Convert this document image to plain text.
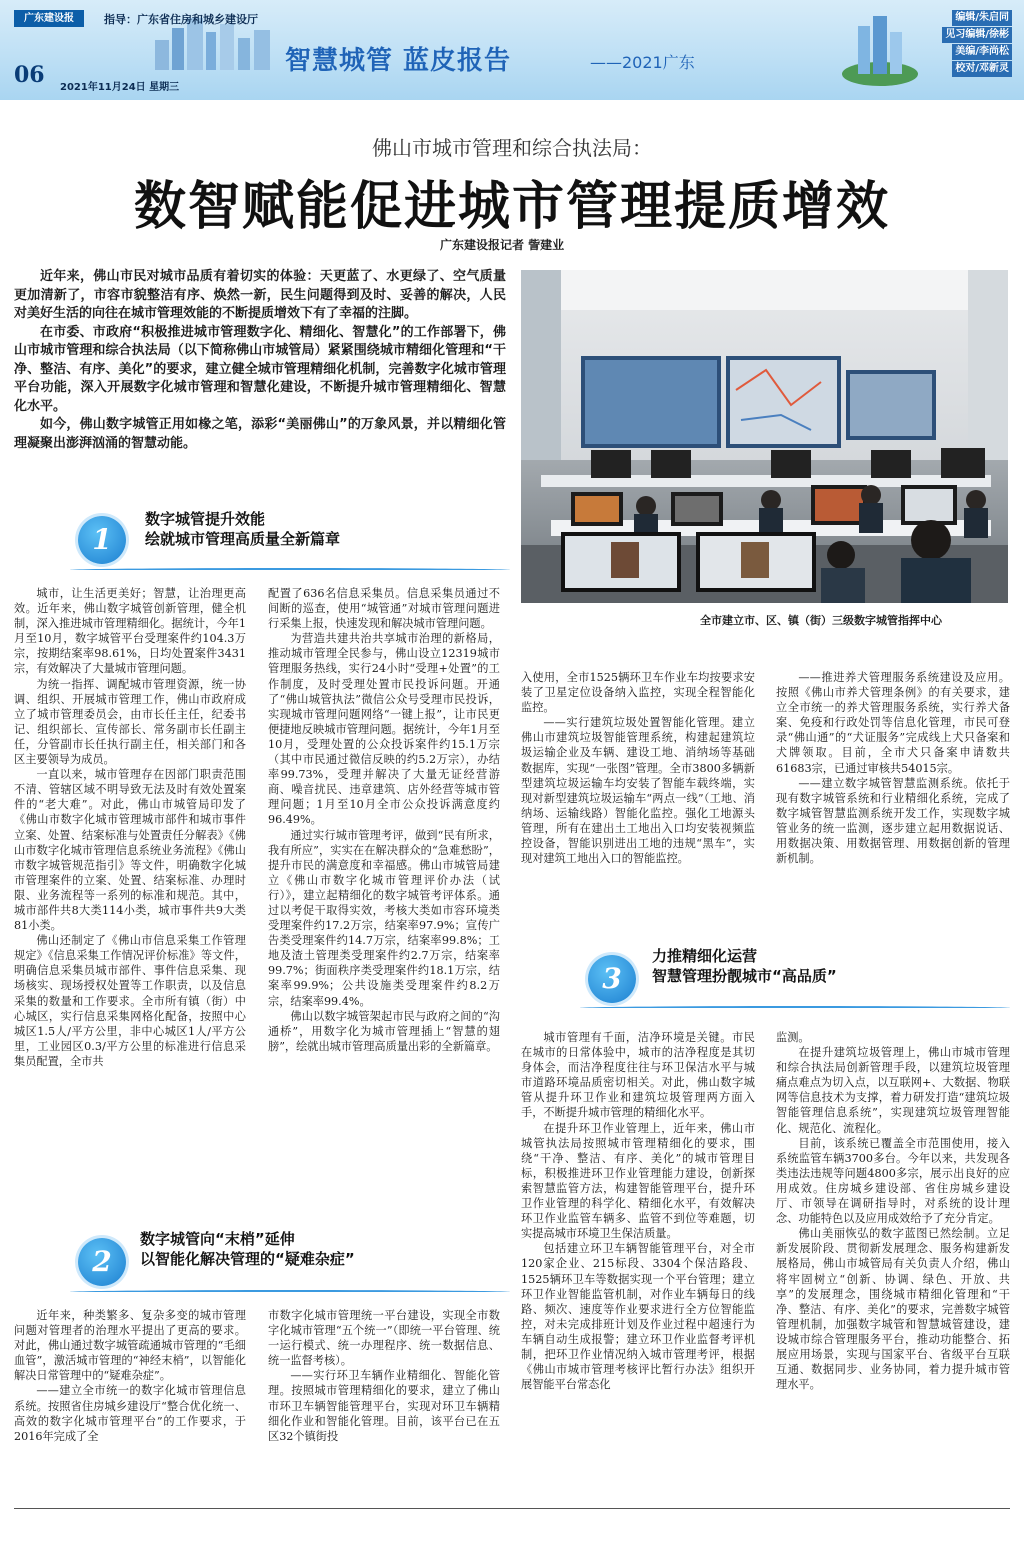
广东建设报	指导：广东省住房和城乡建设厅
06 2021年11月24日 星期三
智慧城管 蓝皮报告	——2021广东
编辑/朱启同
见习编辑/徐彬
美编/李尚松
校对/邓新灵
佛山市城市管理和综合执法局：
数智赋能促进城市管理提质增效
广东建设报记者 訾建业

近年来，佛山市民对城市品质有着切实的体验：天更蓝了、水更绿了、空气质量更加清新了，市容市貌整洁有序、焕然一新，民生问题得到及时、妥善的解决，人民对美好生活的向往在城市管理效能的不断提质增效下有了幸福的注脚。

在市委、市政府“积极推进城市管理数字化、精细化、智慧化”的工作部署下，佛山市城市管理和综合执法局（以下简称佛山市城管局）紧紧围绕城市精细化管理和“干净、整洁、有序、美化”的要求，建立健全城市管理精细化机制，完善数字化城市管理平台功能，深入开展数字化城市管理和智慧化建设，不断提升城市管理精细化、智慧化水平。

如今，佛山数字城管正用如椽之笔，添彩“美丽佛山”的万象风景，并以精细化管理凝聚出澎湃汹涌的智慧动能。

全市建立市、区、镇（街）三级数字城管指挥中心
1
数字城管提升效能
绘就城市管理高质量全新篇章

城市，让生活更美好；智慧，让治理更高效。近年来，佛山数字城管创新管理，健全机制，深入推进城市管理精细化。据统计，今年1月至10月，数字城管平台受理案件约104.3万宗，按期结案率98.61%，日均处置案件3431宗，有效解决了大量城市管理问题。

为统一指挥、调配城市管理资源，统一协调、组织、开展城市管理工作，佛山市政府成立了城市管理委员会，由市长任主任，纪委书记、组织部长、宣传部长、常务副市长任副主任，分管副市长任执行副主任，相关部门和各区主要领导为成员。

一直以来，城市管理存在因部门职责范围不清、管辖区域不明导致无法及时有效处置案件的“老大难”。对此，佛山市城管局印发了《佛山市数字化城市管理城市部件和城市事件立案、处置、结案标准与处置责任分解表》《佛山市数字化城市管理信息系统业务流程》《佛山市数字城管规范指引》等文件，明确数字化城市管理案件的立案、处置、结案标准、办理时限、业务流程等一系列的标准和规范。其中，城市部件共8大类114小类，城市事件共9大类81小类。

佛山还制定了《佛山市信息采集工作管理规定》《信息采集工作情况评价标准》等文件，明确信息采集员城市部件、事件信息采集、现场核实、现场授权处置等工作职责，以及信息采集的数量和工作要求。全市所有镇（街）中心城区，实行信息采集网格化配备，按照中心城区1.5人/平方公里，非中心城区1人/平方公里，工业园区0.3/平方公里的标准进行信息采集员配置，全市共

配置了636名信息采集员。信息采集员通过不间断的巡查，使用“城管通”对城市管理问题进行采集上报，快速发现和解决城市管理问题。

为营造共建共治共享城市治理的新格局，推动城市管理全民参与，佛山设立12319城市管理服务热线，实行24小时“受理+处置”的工作制度，及时受理处置市民投诉问题。开通了“佛山城管执法”微信公众号受理市民投诉，实现城市管理问题网络“一键上报”，让市民更便捷地反映城市管理问题。据统计，今年1月至10月，受理处置的公众投诉案件约15.1万宗（其中市民通过微信反映的约5.2万宗），办结率99.73%，受理并解决了大量无证经营游商、噪音扰民、违章建筑、店外经营等城市管理问题；1月至10月全市公众投诉满意度约96.49%。

通过实行城市管理考评，做到“民有所求，我有所应”，实实在在解决群众的“急难愁盼”，提升市民的满意度和幸福感。佛山市城管局建立《佛山市数字化城市管理评价办法（试行）》，建立起精细化的数字城管考评体系。通过以考促干取得实效，考核大类如市容环境类受理案件约17.2万宗，结案率97.9%；宣传广告类受理案件约14.7万宗，结案率99.8%；工地及渣土管理类受理案件约2.7万宗，结案率99.7%；街面秩序类受理案件约18.1万宗，结案率99.9%；公共设施类受理案件约8.2万宗，结案率99.4%。

佛山以数字城管架起市民与政府之间的“沟通桥”，用数字化为城市管理插上“智慧的翅膀”，绘就出城市管理高质量出彩的全新篇章。

2
数字城管向“末梢”延伸
以智能化解决管理的“疑难杂症”

近年来，种类繁多、复杂多变的城市管理问题对管理者的治理水平提出了更高的要求。对此，佛山通过数字城管疏通城市管理的“毛细血管”，激活城市管理的“神经末梢”，以智能化解决日常管理中的“疑难杂症”。

——建立全市统一的数字化城市管理信息系统。按照省住房城乡建设厅“整合优化统一、高效的数字化城市管理平台”的工作要求，于2016年完成了全

市数字化城市管理统一平台建设，实现全市数字化城市管理“五个统一”（即统一平台管理、统一运行模式、统一办理程序、统一数据信息、统一监督考核）。

——实行环卫车辆作业精细化、智能化管理。按照城市管理精细化的要求，建立了佛山市环卫车辆智能管理平台，实现对环卫车辆精细化作业和智能化管理。目前，该平台已在五区32个镇街投

入使用，全市1525辆环卫车作业车均按要求安装了卫星定位设备纳入监控，实现全程智能化监控。

——实行建筑垃圾处置智能化管理。建立佛山市建筑垃圾智能管理系统，构建起建筑垃圾运输企业及车辆、建设工地、消纳场等基础数据库，实现“一张图”管理。全市3800多辆新型建筑垃圾运输车均安装了智能车载终端，实现对新型建筑垃圾运输车“两点一线”（工地、消纳场、运输线路）智能化监控。强化工地源头管理，所有在建出土工地出入口均安装视频监控设备，智能识别进出工地的违规“黑车”，实现对建筑工地出入口的智能监控。

——推进养犬管理服务系统建设及应用。按照《佛山市养犬管理条例》的有关要求，建立全市统一的养犬管理服务系统，实行养犬备案、免疫和行政处罚等信息化管理，市民可登录“佛山通”的“犬证服务”完成线上犬只备案和犬牌领取。目前，全市犬只备案申请数共61683宗，已通过审核共54015宗。

——建立数字城管智慧监测系统。依托于现有数字城管系统和行业精细化系统，完成了数字城管智慧监测系统开发工作，实现数字城管业务的统一监测，逐步建立起用数据说话、用数据决策、用数据管理、用数据创新的管理新机制。

3
力推精细化运营
智慧管理扮靓城市“高品质”

城市管理有千面，洁净环境是关键。市民在城市的日常体验中，城市的洁净程度是其切身体会，而洁净程度往往与环卫保洁水平与城市道路环境品质密切相关。对此，佛山数字城管从提升环卫作业和建筑垃圾管理两方面入手，不断提升城市管理的精细化水平。

在提升环卫作业管理上，近年来，佛山市城管执法局按照城市管理精细化的要求，围绕“干净、整洁、有序、美化”的城市管理目标，积极推进环卫作业管理能力建设，创新探索智慧监管方法，构建智能管理平台，提升环卫作业管理的科学化、精细化水平，有效解决环卫作业监管车辆多、监管不到位等难题，切实提高城市环境卫生保洁质量。

包括建立环卫车辆智能管理平台，对全市120家企业、215标段、3304个保洁路段、1525辆环卫车等数据实现一个平台管理；建立环卫作业智能监管机制，对作业车辆每日的线路、频次、速度等作业要求进行全方位智能监控，对未完成排班计划及作业过程中超速行为车辆自动生成报警；建立环卫作业监督考评机制，把环卫作业情况纳入城市管理考评，根据《佛山市城市管理考核评比暂行办法》组织开展智能平台常态化

监测。

在提升建筑垃圾管理上，佛山市城市管理和综合执法局创新管理手段，以建筑垃圾管理痛点难点为切入点，以互联网+、大数据、物联网等信息技术为支撑，着力研发打造“建筑垃圾智能管理信息系统”，实现建筑垃圾管理智能化、规范化、流程化。

目前，该系统已覆盖全市范围使用，接入系统监管车辆3700多台。今年以来，共发现各类违法违规等问题4800多宗，展示出良好的应用成效。住房城乡建设部、省住房城乡建设厅、市领导在调研指导时，对系统的设计理念、功能特色以及应用成效给予了充分肯定。

佛山美丽恢弘的数字蓝图已然绘制。立足新发展阶段、贯彻新发展理念、服务构建新发展格局，佛山市城管局有关负责人介绍，佛山将牢固树立“创新、协调、绿色、开放、共享”的发展理念，围绕城市精细化管理和“干净、整洁、有序、美化”的要求，完善数字城管管理机制，加强数字城管和智慧城管建设，建设城市综合管理服务平台，推动功能整合、拓展应用场景，实现与国家平台、省级平台互联互通、数据同步、业务协同，着力提升城市管理水平。
